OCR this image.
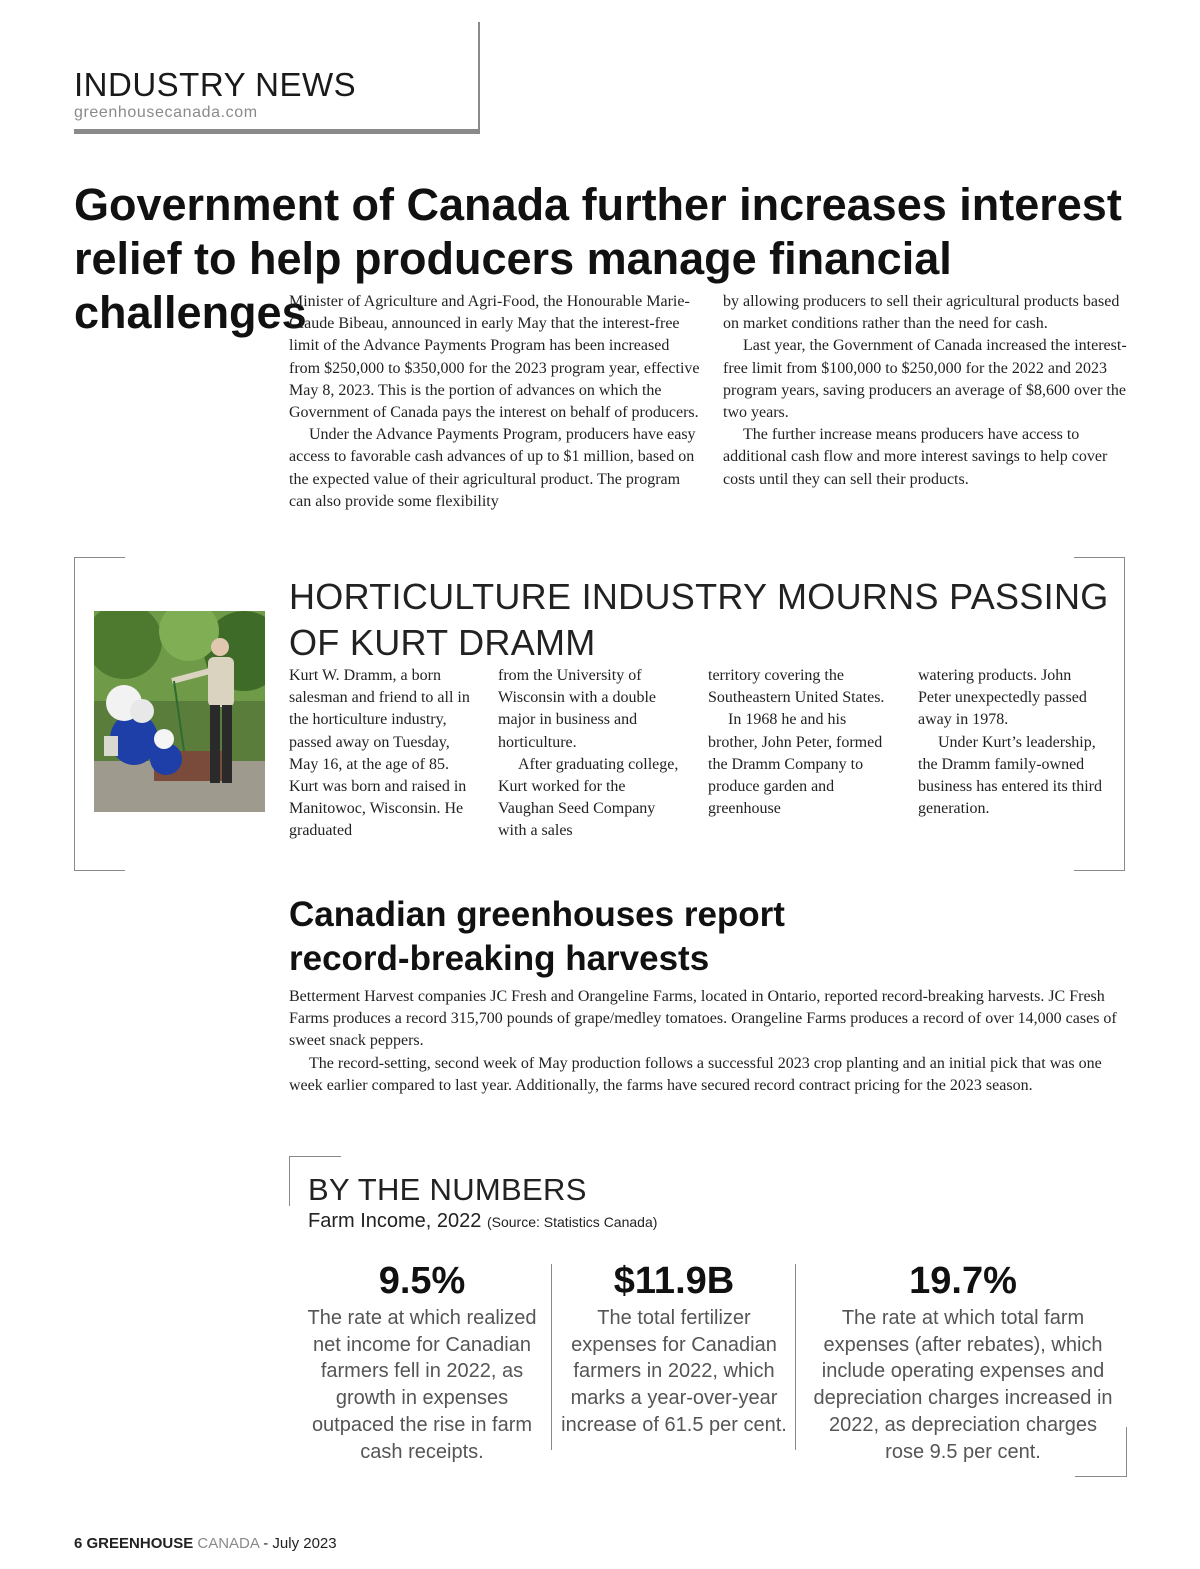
INDUSTRY NEWS
greenhousecanada.com
Government of Canada further increases interest relief to help producers manage financial challenges

Minister of Agriculture and Agri-Food, the Honourable Marie-Claude Bibeau, announced in early May that the interest-free limit of the Advance Payments Program has been increased from $250,000 to $350,000 for the 2023 program year, effective May 8, 2023. This is the portion of advances on which the Government of Canada pays the interest on behalf of producers.

Under the Advance Payments Program, producers have easy access to favorable cash advances of up to $1 million, based on the expected value of their agricultural product. The program can also provide some flexibility

by allowing producers to sell their agricultural products based on market conditions rather than the need for cash.

Last year, the Government of Canada increased the interest-free limit from $100,000 to $250,000 for the 2022 and 2023 program years, saving producers an average of $8,600 over the two years.

The further increase means producers have access to additional cash flow and more interest savings to help cover costs until they can sell their products.

HORTICULTURE INDUSTRY MOURNS PASSING OF KURT DRAMM

Kurt W. Dramm, a born salesman and friend to all in the horticulture industry, passed away on Tuesday, May 16, at the age of 85. Kurt was born and raised in Manitowoc, Wisconsin. He graduated

from the University of Wisconsin with a double major in business and horticulture.

After graduating college, Kurt worked for the Vaughan Seed Company with a sales

territory covering the Southeastern United States.

In 1968 he and his brother, John Peter, formed the Dramm Company to produce garden and greenhouse

watering products. John Peter unexpectedly passed away in 1978.

Under Kurt’s leadership, the Dramm family-owned business has entered its third generation.

Canadian greenhouses report
record-breaking harvests

Betterment Harvest companies JC Fresh and Orangeline Farms, located in Ontario, reported record-breaking harvests. JC Fresh Farms produces a record 315,700 pounds of grape/medley tomatoes. Orangeline Farms produces a record of over 14,000 cases of sweet snack peppers.

The record-setting, second week of May production follows a successful 2023 crop planting and an initial pick that was one week earlier compared to last year. Additionally, the farms have secured record contract pricing for the 2023 season.

BY THE NUMBERS
Farm Income, 2022 (Source: Statistics Canada)
9.5%
The rate at which realized net income for Canadian farmers fell in 2022, as growth in expenses outpaced the rise in farm cash receipts.
$11.9B
The total fertilizer expenses for Canadian farmers in 2022, which marks a year-over-year increase of 61.5 per cent.
19.7%
The rate at which total farm expenses (after rebates), which include operating expenses and depreciation charges increased in 2022, as depreciation charges rose 9.5 per cent.
6 GREENHOUSE CANADA - July 2023
